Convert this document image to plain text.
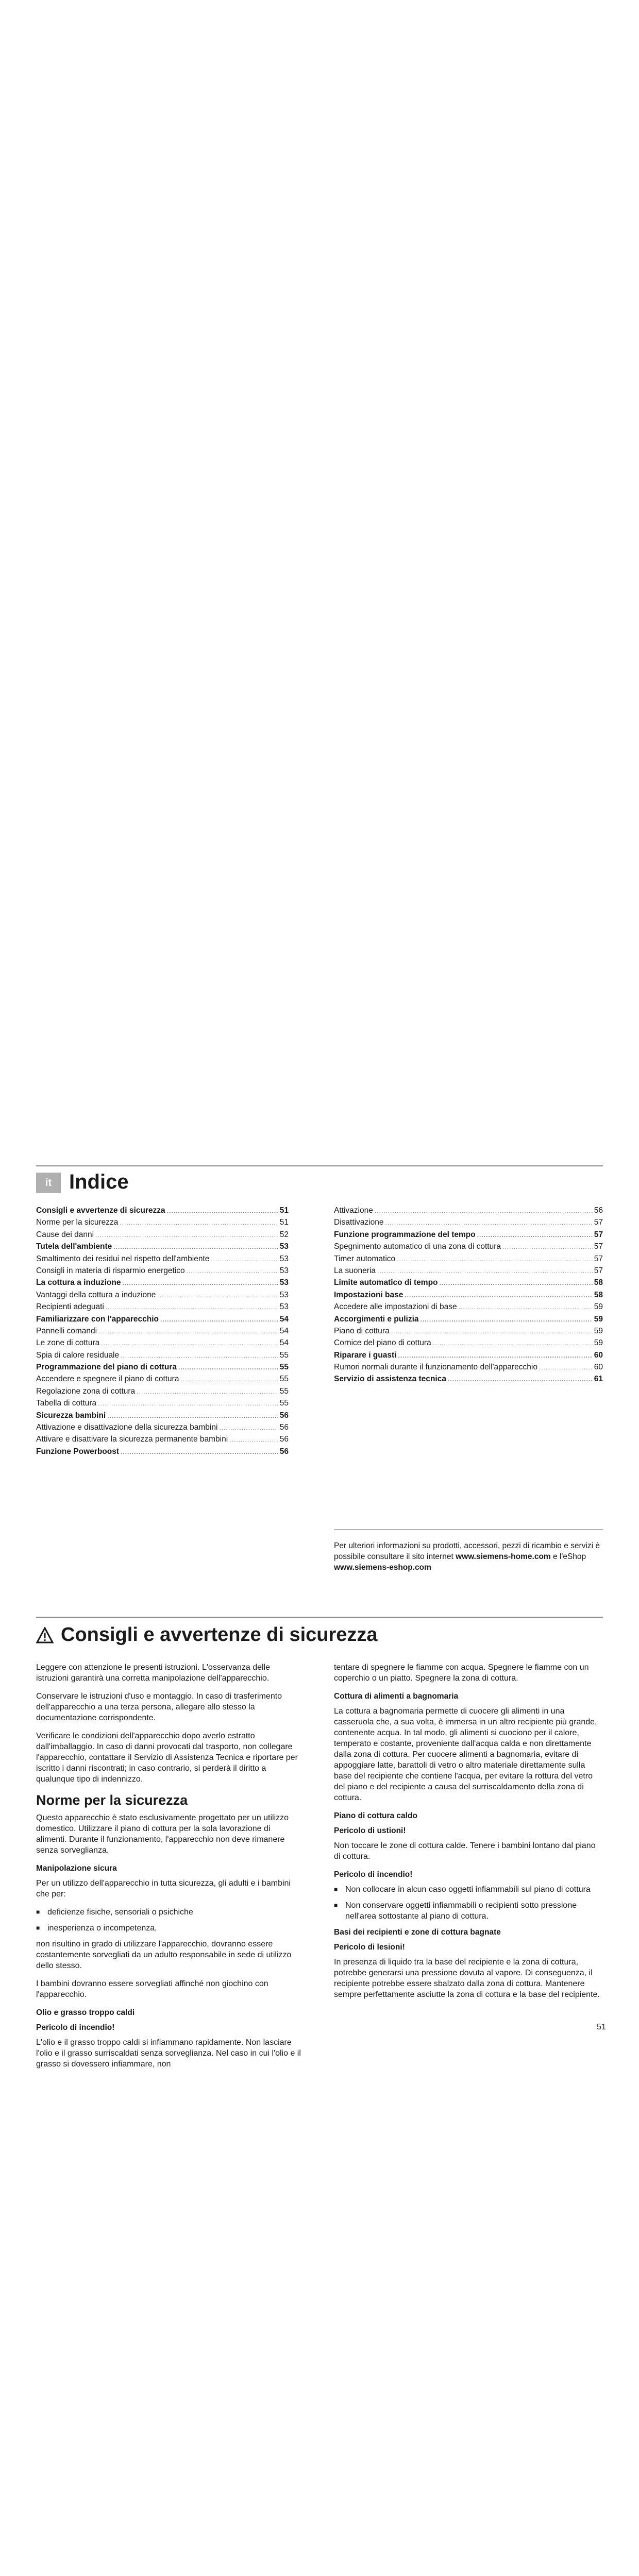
it Indice
Consigli e avvertenze di sicurezza .....	51
Norme per la sicurezza .....	51
Cause dei danni .....	52
Tutela dell'ambiente .....	53
Smaltimento dei residui nel rispetto dell'ambiente .....	53
Consigli in materia di risparmio energetico .....	53
La cottura a induzione .....	53
Vantaggi della cottura a induzione .....	53
Recipienti adeguati .....	53
Familiarizzare con l'apparecchio .....	54
Pannelli comandi .....	54
Le zone di cottura .....	54
Spia di calore residuale .....	55
Programmazione del piano di cottura .....	55
Accendere e spegnere il piano di cottura .....	55
Regolazione zona di cottura .....	55
Tabella di cottura .....	55
Sicurezza bambini .....	56
Attivazione e disattivazione della sicurezza bambini .....	56
Attivare e disattivare la sicurezza permanente bambini .....	56
Funzione Powerboost .....	56
Attivazione .....	56
Disattivazione .....	57
Funzione programmazione del tempo .....	57
Spegnimento automatico di una zona di cottura .....	57
Timer automatico .....	57
La suoneria .....	57
Limite automatico di tempo .....	58
Impostazioni base .....	58
Accedere alle impostazioni di base .....	59
Accorgimenti e pulizia .....	59
Piano di cottura .....	59
Cornice del piano di cottura .....	59
Riparare i guasti .....	60
Rumori normali durante il funzionamento dell'apparecchio .....	60
Servizio di assistenza tecnica .....	61
Per ulteriori informazioni su prodotti, accessori, pezzi di ricambio e servizi è possibile consultare il sito internet www.siemens-home.com e l'eShop www.siemens-eshop.com
Consigli e avvertenze di sicurezza

Leggere con attenzione le presenti istruzioni. L'osservanza delle istruzioni garantirà una corretta manipolazione dell'apparecchio.

Conservare le istruzioni d'uso e montaggio. In caso di trasferimento dell'apparecchio a una terza persona, allegare allo stesso la documentazione corrispondente.

Verificare le condizioni dell'apparecchio dopo averlo estratto dall'imballaggio. In caso di danni provocati dal trasporto, non collegare l'apparecchio, contattare il Servizio di Assistenza Tecnica e riportare per iscritto i danni riscontrati; in caso contrario, si perderà il diritto a qualunque tipo di indennizzo.

Norme per la sicurezza

Questo apparecchio è stato esclusivamente progettato per un utilizzo domestico. Utilizzare il piano di cottura per la sola lavorazione di alimenti. Durante il funzionamento, l'apparecchio non deve rimanere senza sorveglianza.

Manipolazione sicura

Per un utilizzo dell'apparecchio in tutta sicurezza, gli adulti e i bambini che per:

■ deficienze fisiche, sensoriali o psichiche
■ inesperienza o incompetenza,

non risultino in grado di utilizzare l'apparecchio, dovranno essere costantemente sorvegliati da un adulto responsabile in sede di utilizzo dello stesso.

I bambini dovranno essere sorvegliati affinché non giochino con l'apparecchio.

Olio e grasso troppo caldi
Pericolo di incendio!

L'olio e il grasso troppo caldi si infiammano rapidamente. Non lasciare l'olio e il grasso surriscaldati senza sorveglianza. Nel caso in cui l'olio e il grasso si dovessero infiammare, non

tentare di spegnere le fiamme con acqua. Spegnere le fiamme con un coperchio o un piatto. Spegnere la zona di cottura.

Cottura di alimenti a bagnomaria

La cottura a bagnomaria permette di cuocere gli alimenti in una casseruola che, a sua volta, è immersa in un altro recipiente più grande, contenente acqua. In tal modo, gli alimenti si cuociono per il calore, temperato e costante, proveniente dall'acqua calda e non direttamente dalla zona di cottura. Per cuocere alimenti a bagnomaria, evitare di appoggiare latte, barattoli di vetro o altro materiale direttamente sulla base del recipiente che contiene l'acqua, per evitare la rottura del vetro del piano e del recipiente a causa del surriscaldamento della zona di cottura.

Piano di cottura caldo
Pericolo di ustioni!

Non toccare le zone di cottura calde. Tenere i bambini lontano dal piano di cottura.

Pericolo di incendio!
■ Non collocare in alcun caso oggetti infiammabili sul piano di cottura
■ Non conservare oggetti infiammabili o recipienti sotto pressione nell'area sottostante al piano di cottura.
Basi dei recipienti e zone di cottura bagnate
Pericolo di lesioni!

In presenza di liquido tra la base del recipiente e la zona di cottura, potrebbe generarsi una pressione dovuta al vapore. Di conseguenza, il recipiente potrebbe essere sbalzato dalla zona di cottura. Mantenere sempre perfettamente asciutte la zona di cottura e la base del recipiente.

51
